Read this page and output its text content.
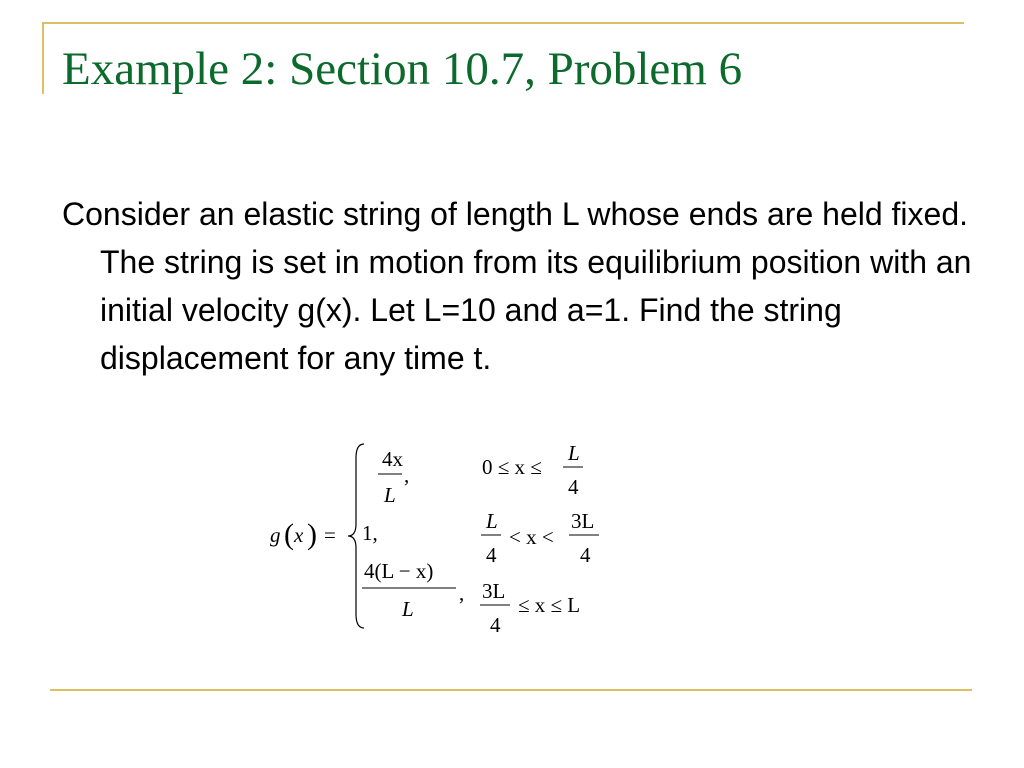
Example 2: Section 10.7, Problem 6

Consider an elastic string of length L whose ends are held fixed. The string is set in motion from its equilibrium position with an initial velocity g(x). Let L=10 and a=1. Find the string displacement for any time t.

g ( x ) =
4x
L
,	0 ≤ x ≤
L
4
1,	L
4
< x <
3L
4
4(L − x)
L
, 3L
4
≤ x ≤ L
